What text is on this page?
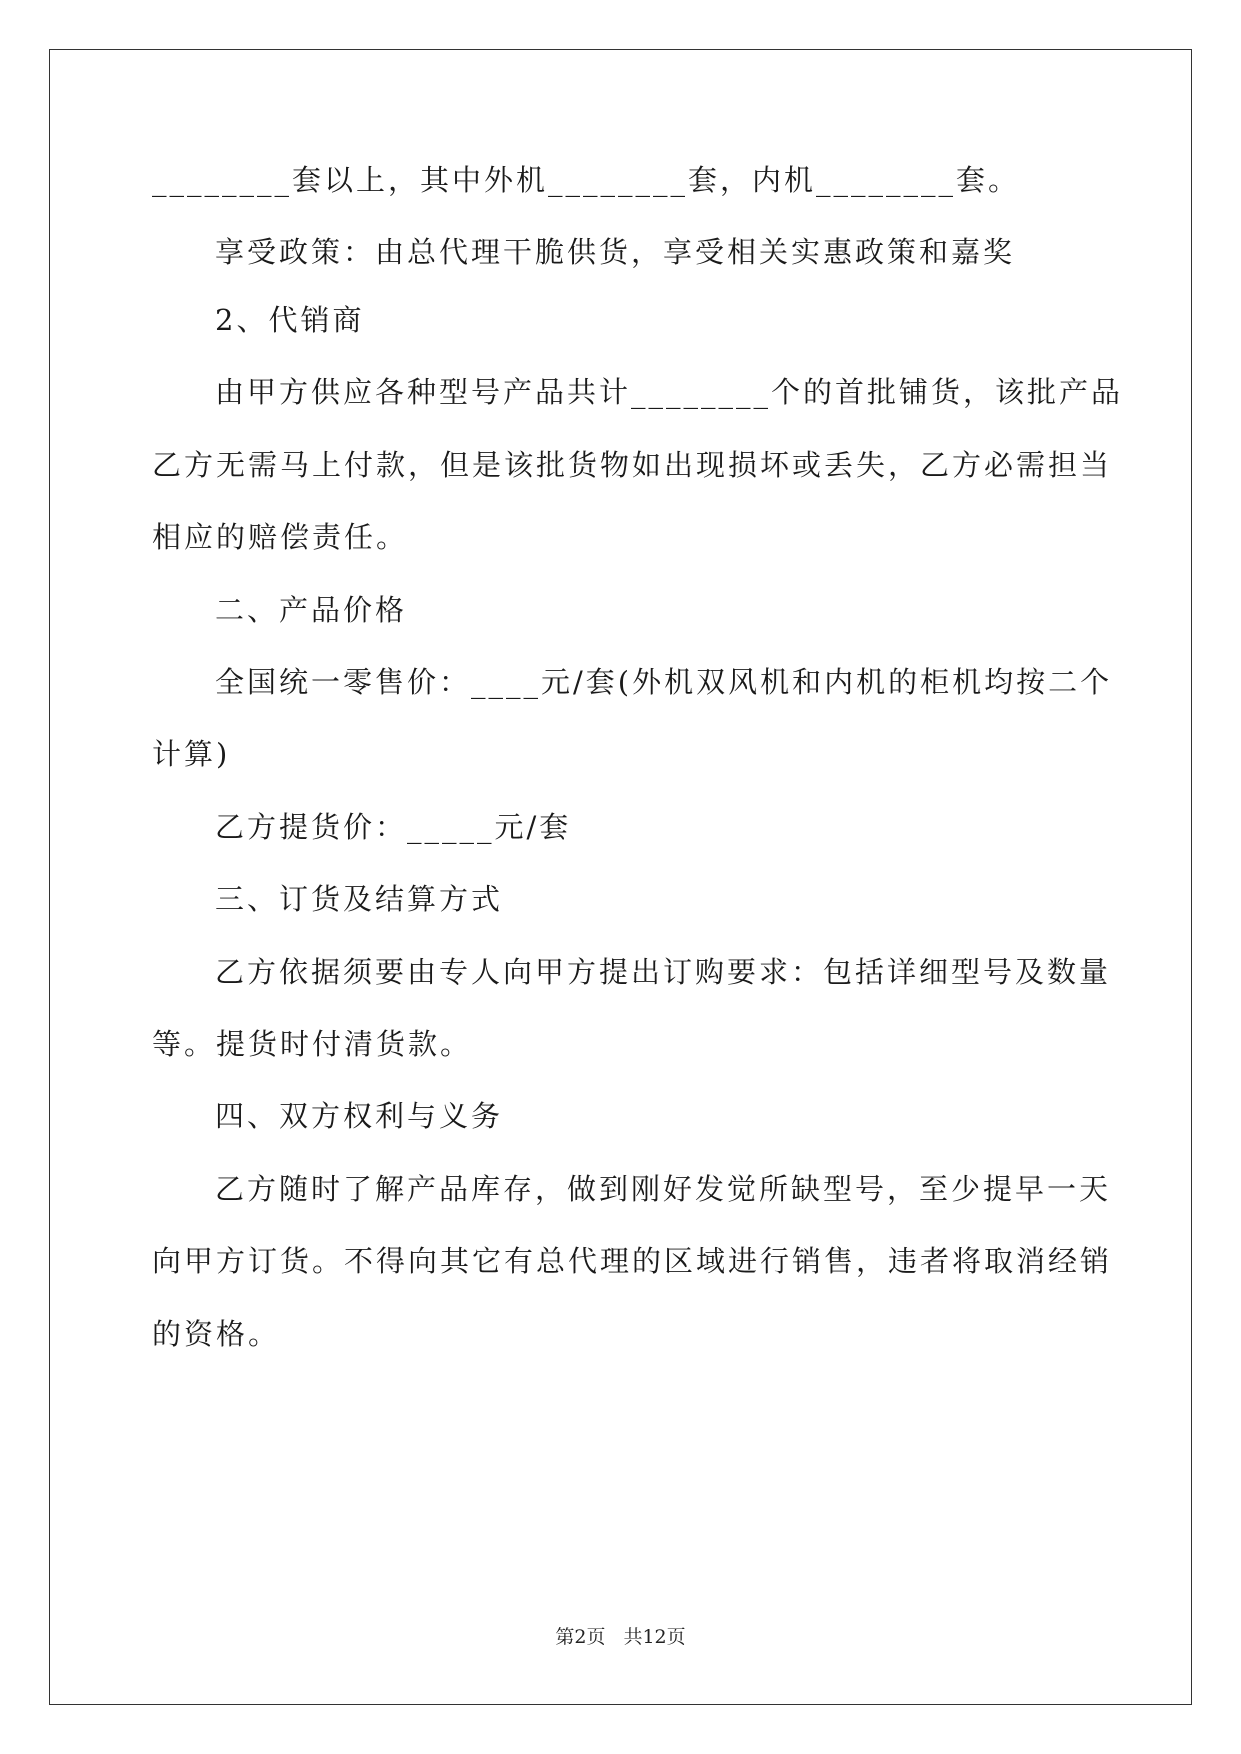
________套以上，其中外机________套，内机________套。
享受政策：由总代理干脆供货，享受相关实惠政策和嘉奖
2、代销商
由甲方供应各种型号产品共计________个的首批铺货，该批产品
乙方无需马上付款，但是该批货物如出现损坏或丢失，乙方必需担当
相应的赔偿责任。
二、产品价格
全国统一零售价：____元/套(外机双风机和内机的柜机均按二个
计算)
乙方提货价：_____元/套
三、订货及结算方式
乙方依据须要由专人向甲方提出订购要求：包括详细型号及数量
等。提货时付清货款。
四、双方权利与义务
乙方随时了解产品库存，做到刚好发觉所缺型号，至少提早一天
向甲方订货。不得向其它有总代理的区域进行销售，违者将取消经销
的资格。
第2页 共12页
